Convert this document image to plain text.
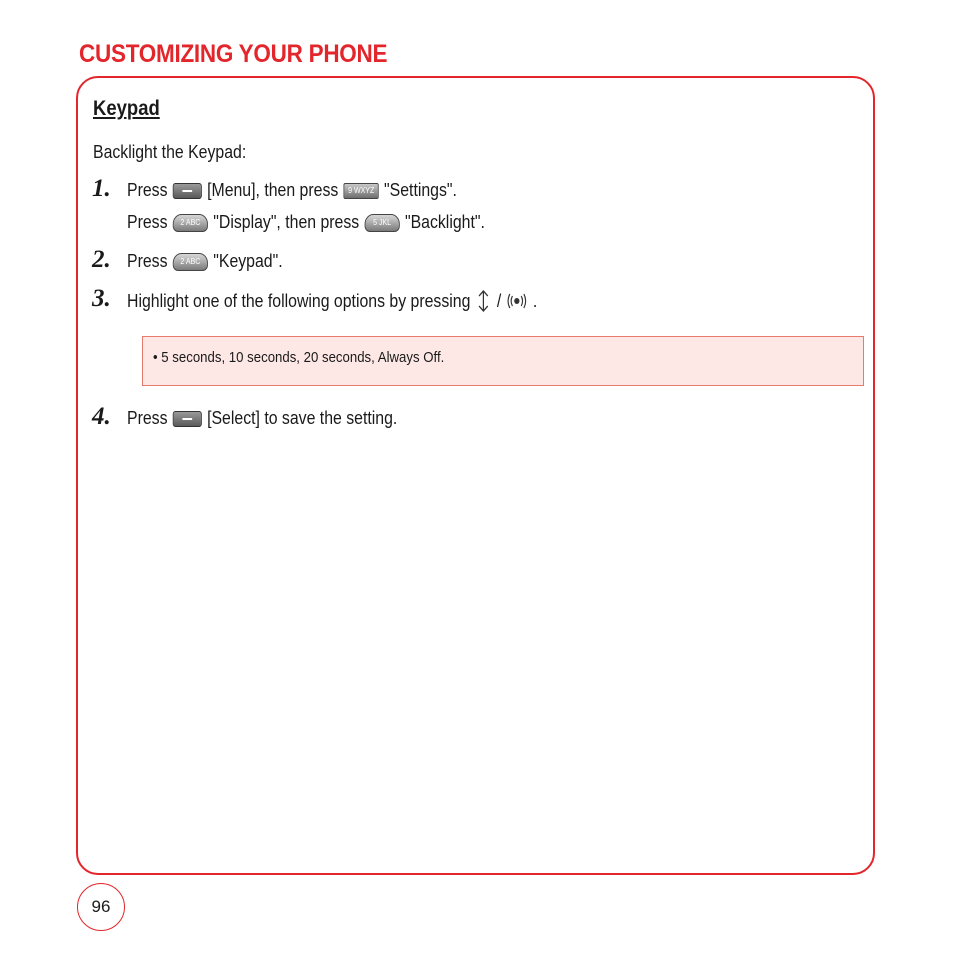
CUSTOMIZING YOUR PHONE
Keypad
Backlight the Keypad:
1. Press [Menu], then press	9 WXYZ "Settings".
Press	2 ABC "Display", then press	5 JKL "Backlight".
2. Press	2 ABC "Keypad".
3. Highlight one of the following options by pressing / .
• 5 seconds, 10 seconds, 20 seconds, Always Off.
4. Press [Select] to save the setting.
96
